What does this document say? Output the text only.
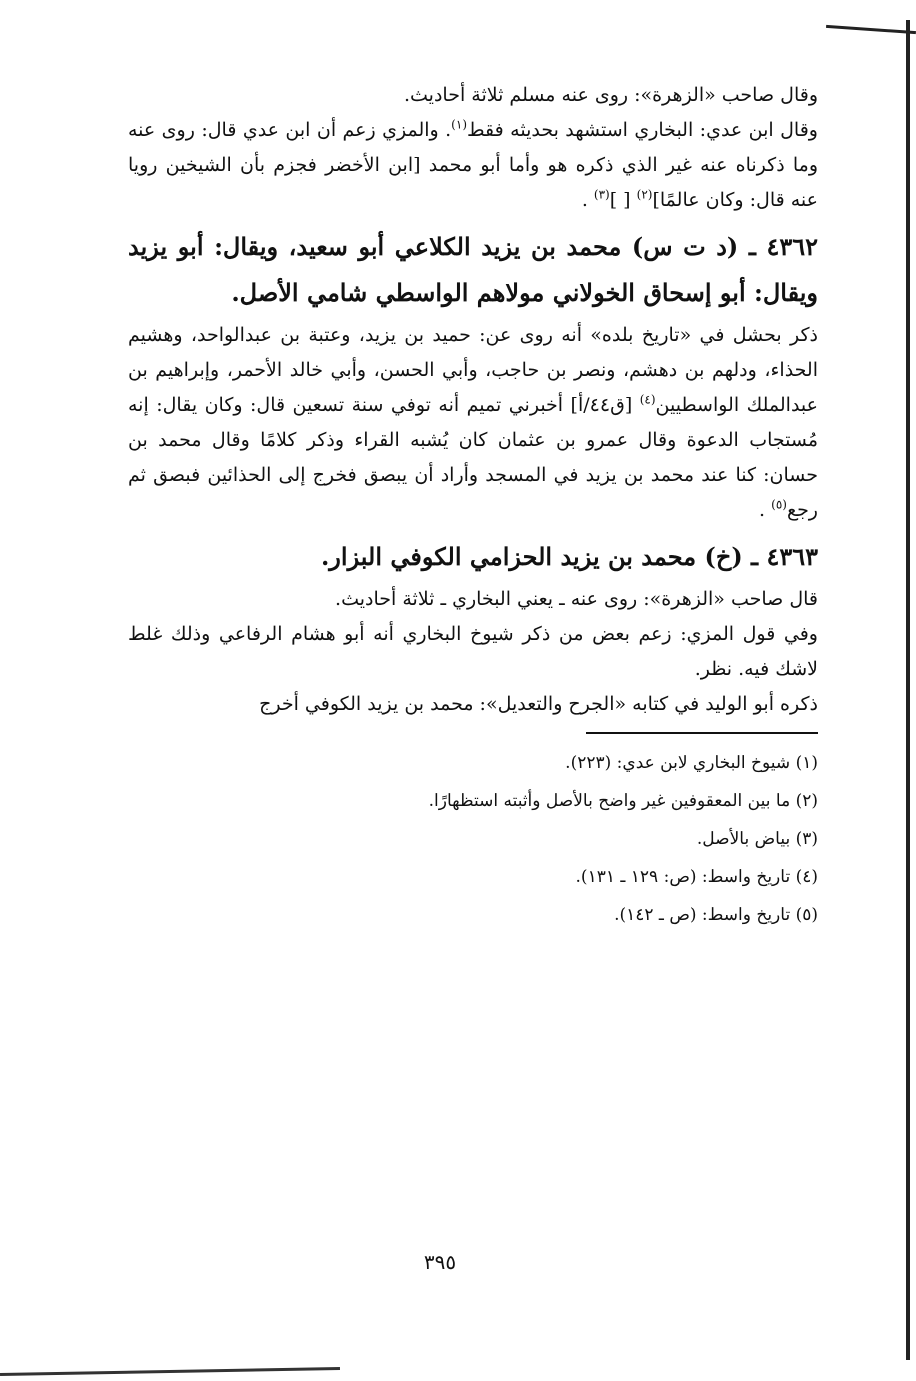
وقال صاحب «الزهرة»: روى عنه مسلم ثلاثة أحاديث.

وقال ابن عدي: البخاري استشهد بحديثه فقط$^{(١)}$. والمزي زعم أن ابن عدي قال: روى عنه وما ذكرناه عنه غير الذي ذكره هو وأما أبو محمد [ابن الأخضر فجزم بأن الشيخين رويا عنه قال: وكان عالمًا]$^{(٢)}$ [ ]$^{(٣)}$ .

٤٣٦٢ ـ (د ت س) محمد بن يزيد الكلاعي أبو سعيد، ويقال: أبو يزيد ويقال: أبو إسحاق الخولاني مولاهم الواسطي شامي الأصل.

ذكر بحشل في «تاريخ بلده» أنه روى عن: حميد بن يزيد، وعتبة بن عبدالواحد، وهشيم الحذاء، ودلهم بن دهشم، ونصر بن حاجب، وأبي الحسن، وأبي خالد الأحمر، وإبراهيم بن عبدالملك الواسطيين$^{(٤)}$ [ق٤٤/أ] أخبرني تميم أنه توفي سنة تسعين قال: وكان يقال: إنه مُستجاب الدعوة وقال عمرو بن عثمان كان يُشبه القراء وذكر كلامًا وقال محمد بن حسان: كنا عند محمد بن يزيد في المسجد وأراد أن يبصق فخرج إلى الحذائين فبصق ثم رجع$^{(٥)}$ .

٤٣٦٣ ـ (خ) محمد بن يزيد الحزامي الكوفي البزار.

قال صاحب «الزهرة»: روى عنه ـ يعني البخاري ـ ثلاثة أحاديث.

وفي قول المزي: زعم بعض من ذكر شيوخ البخاري أنه أبو هشام الرفاعي وذلك غلط لاشك فيه. نظر.

ذكره أبو الوليد في كتابه «الجرح والتعديل»: محمد بن يزيد الكوفي أخرج

(١) شيوخ البخاري لابن عدي: (٢٢٣).

(٢) ما بين المعقوفين غير واضح بالأصل وأثبته استظهارًا.

(٣) بياض بالأصل.

(٤) تاريخ واسط: (ص: ١٢٩ ـ ١٣١).

(٥) تاريخ واسط: (ص ـ ١٤٢).

٣٩٥
